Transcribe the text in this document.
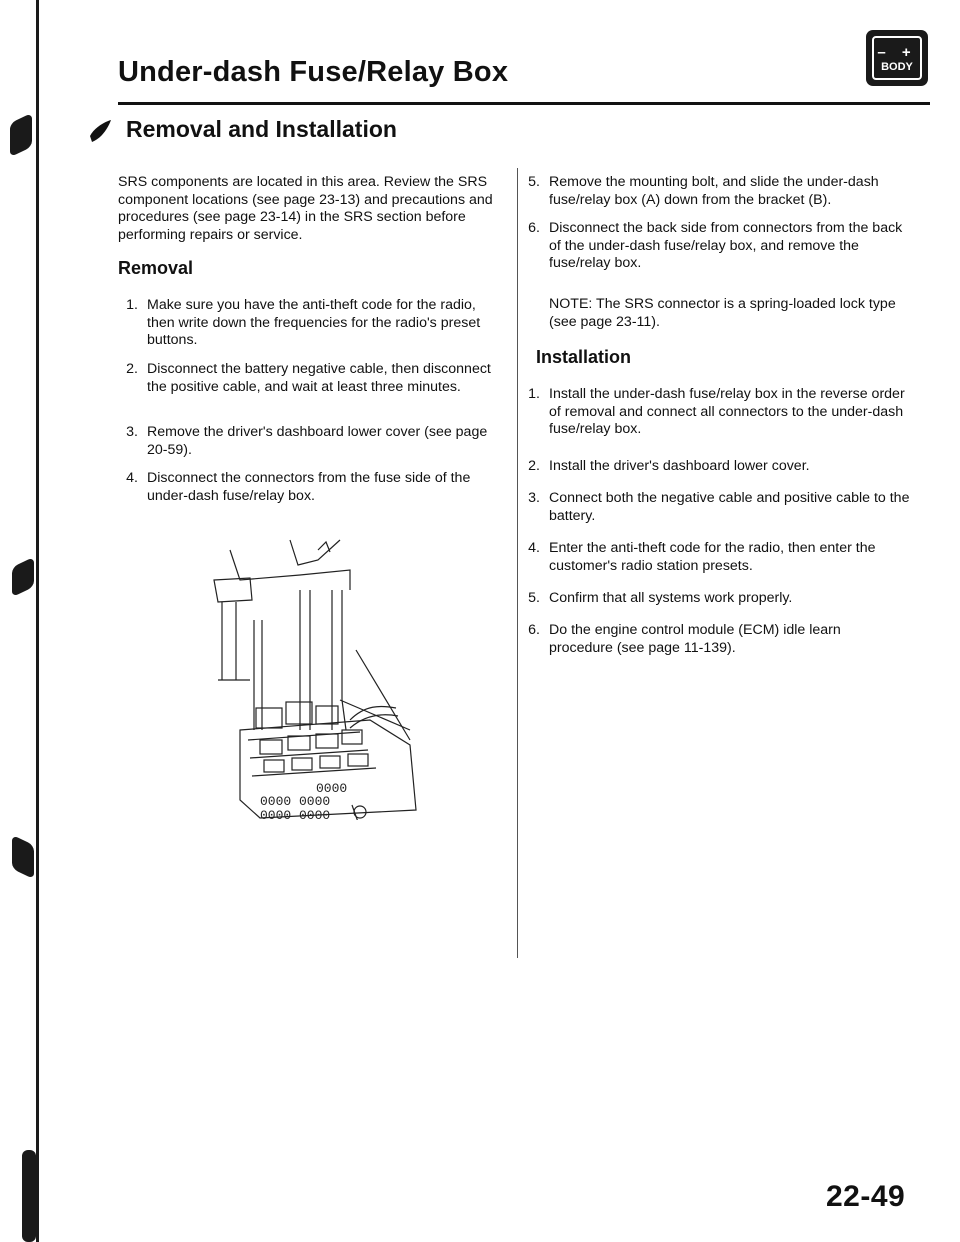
Under-dash Fuse/Relay Box
– +
BODY
Removal and Installation

SRS components are located in this area. Review the SRS component locations (see page 23-13) and precautions and procedures (see page 23-14) in the SRS section before performing repairs or service.

Removal
1. Make sure you have the anti-theft code for the radio, then write down the frequencies for the radio's preset buttons.
2. Disconnect the battery negative cable, then disconnect the positive cable, and wait at least three minutes.
3. Remove the driver's dashboard lower cover (see page 20-59).
4. Disconnect the connectors from the fuse side of the under-dash fuse/relay box.
0000
0000 0000
0000 0000
5. Remove the mounting bolt, and slide the under-dash fuse/relay box (A) down from the bracket (B).
6. Disconnect the back side from connectors from the back of the under-dash fuse/relay box, and remove the fuse/relay box.

NOTE: The SRS connector is a spring-loaded lock type (see page 23-11).

Installation
1. Install the under-dash fuse/relay box in the reverse order of removal and connect all connectors to the under-dash fuse/relay box.
2. Install the driver's dashboard lower cover.
3. Connect both the negative cable and positive cable to the battery.
4. Enter the anti-theft code for the radio, then enter the customer's radio station presets.
5. Confirm that all systems work properly.
6. Do the engine control module (ECM) idle learn procedure (see page 11-139).
22-49
